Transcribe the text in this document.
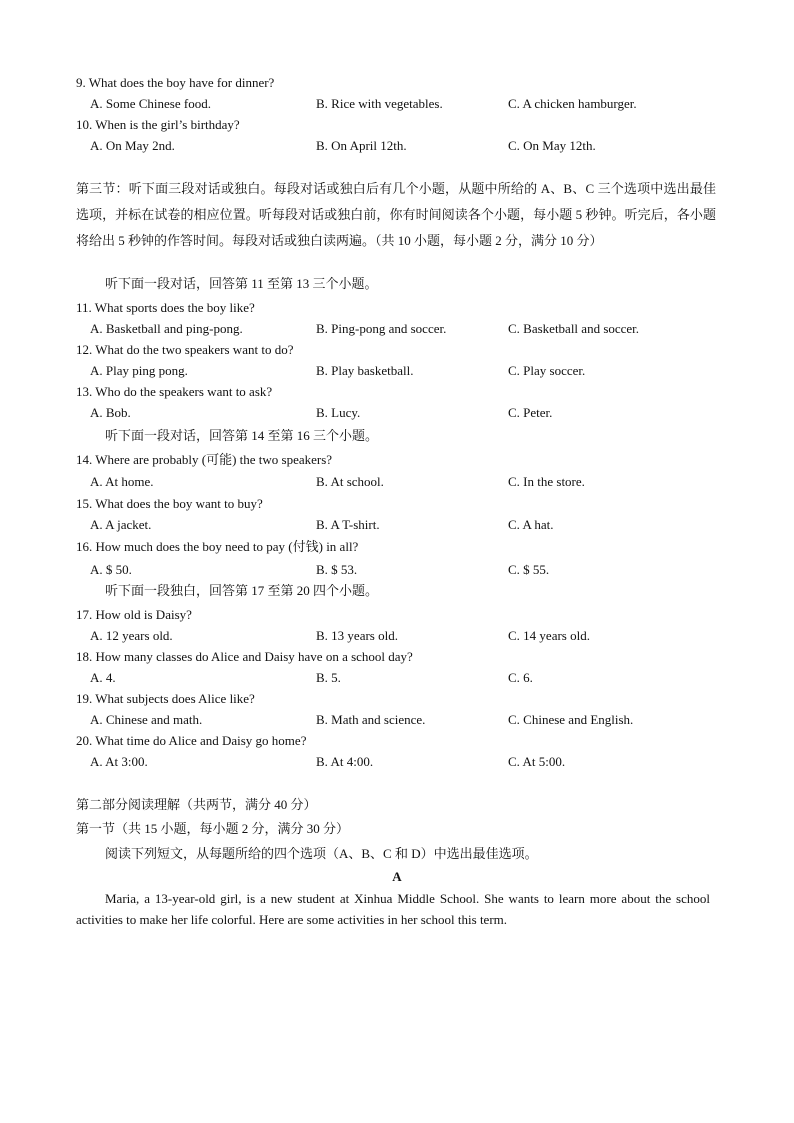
9. What does the boy have for dinner?
A. Some Chinese food.	B. Rice with vegetables.	C. A chicken hamburger.
10. When is the girl’s birthday?
A. On May 2nd.	B. On April 12th.	C. On May 12th.
第三节：听下面三段对话或独白。每段对话或独白后有几个小题，从题中所给的 A、B、C 三个选项中选出最佳选项，并标在试卷的相应位置。听每段对话或独白前，你有时间阅读各个小题，每小题 5 秒钟。听完后，各小题将给出 5 秒钟的作答时间。每段对话或独白读两遍。（共 10 小题，每小题 2 分，满分 10 分）
听下面一段对话，回答第 11 至第 13 三个小题。
11. What sports does the boy like?
A. Basketball and ping-pong.	B. Ping-pong and soccer.	C. Basketball and soccer.
12. What do the two speakers want to do?
A. Play ping pong.	B. Play basketball.	C. Play soccer.
13. Who do the speakers want to ask?
A. Bob.	B. Lucy.	C. Peter.
听下面一段对话，回答第 14 至第 16 三个小题。
14. Where are probably (可能) the two speakers?
A. At home.	B. At school.	C. In the store.
15. What does the boy want to buy?
A. A jacket.	B. A T-shirt.	C. A hat.
16. How much does the boy need to pay (付钱) in all?
A. $ 50.	B. $ 53.	C. $ 55.
听下面一段独白，回答第 17 至第 20 四个小题。
17. How old is Daisy?
A. 12 years old.	B. 13 years old.	C. 14 years old.
18. How many classes do Alice and Daisy have on a school day?
A. 4.	B. 5.	C. 6.
19. What subjects does Alice like?
A. Chinese and math.	B. Math and science.	C. Chinese and English.
20. What time do Alice and Daisy go home?
A. At 3:00.	B. At 4:00.	C. At 5:00.
第二部分阅读理解（共两节，满分 40 分）
第一节（共 15 小题，每小题 2 分，满分 30 分）
阅读下列短文，从每题所给的四个选项（A、B、C 和 D）中选出最佳选项。
A
Maria, a 13-year-old girl, is a new student at Xinhua Middle School. She wants to learn more about the school activities to make her life colorful. Here are some activities in her school this term.
